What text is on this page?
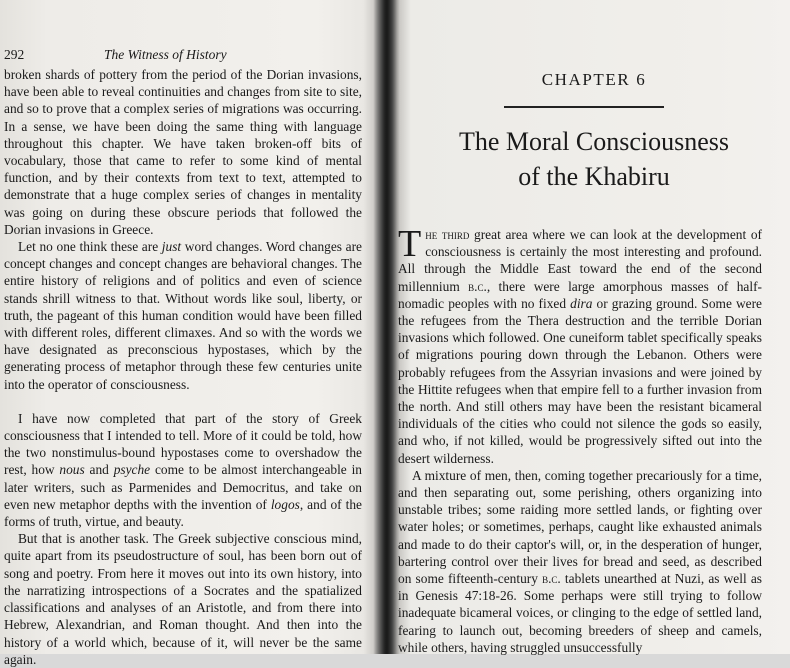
292	The Witness of History

broken shards of pottery from the period of the Dorian invasions, have been able to reveal continuities and changes from site to site, and so to prove that a complex series of migrations was occurring. In a sense, we have been doing the same thing with language throughout this chapter. We have taken broken-off bits of vocabulary, those that came to refer to some kind of mental function, and by their contexts from text to text, attempted to demonstrate that a huge complex series of changes in mentality was going on during these obscure periods that followed the Dorian invasions in Greece.

Let no one think these are just word changes. Word changes are concept changes and concept changes are behavioral changes. The entire history of religions and of politics and even of science stands shrill witness to that. Without words like soul, liberty, or truth, the pageant of this human condition would have been filled with different roles, different climaxes. And so with the words we have designated as preconscious hypostases, which by the generating process of metaphor through these few centuries unite into the operator of consciousness.

I have now completed that part of the story of Greek consciousness that I intended to tell. More of it could be told, how the two nonstimulus-bound hypostases come to overshadow the rest, how nous and psyche come to be almost interchangeable in later writers, such as Parmenides and Democritus, and take on even new metaphor depths with the invention of logos, and of the forms of truth, virtue, and beauty.

But that is another task. The Greek subjective conscious mind, quite apart from its pseudostructure of soul, has been born out of song and poetry. From here it moves out into its own history, into the narratizing introspections of a Socrates and the spatialized classifications and analyses of an Aristotle, and from there into Hebrew, Alexandrian, and Roman thought. And then into the history of a world which, because of it, will never be the same again.

CHAPTER 6
The Moral Consciousness
of the Khabiru

The third great area where we can look at the development of consciousness is certainly the most interesting and profound. All through the Middle East toward the end of the second millennium b.c., there were large amorphous masses of half-nomadic peoples with no fixed dira or grazing ground. Some were the refugees from the Thera destruction and the terrible Dorian invasions which followed. One cuneiform tablet specifically speaks of migrations pouring down through the Lebanon. Others were probably refugees from the Assyrian invasions and were joined by the Hittite refugees when that empire fell to a further invasion from the north. And still others may have been the resistant bicameral individuals of the cities who could not silence the gods so easily, and who, if not killed, would be progressively sifted out into the desert wilderness.

A mixture of men, then, coming together precariously for a time, and then separating out, some perishing, others organizing into unstable tribes; some raiding more settled lands, or fighting over water holes; or sometimes, perhaps, caught like exhausted animals and made to do their captor's will, or, in the desperation of hunger, bartering control over their lives for bread and seed, as described on some fifteenth-century b.c. tablets unearthed at Nuzi, as well as in Genesis 47:18-26. Some perhaps were still trying to follow inadequate bicameral voices, or clinging to the edge of settled land, fearing to launch out, becoming breeders of sheep and camels, while others, having struggled unsuccessfully
